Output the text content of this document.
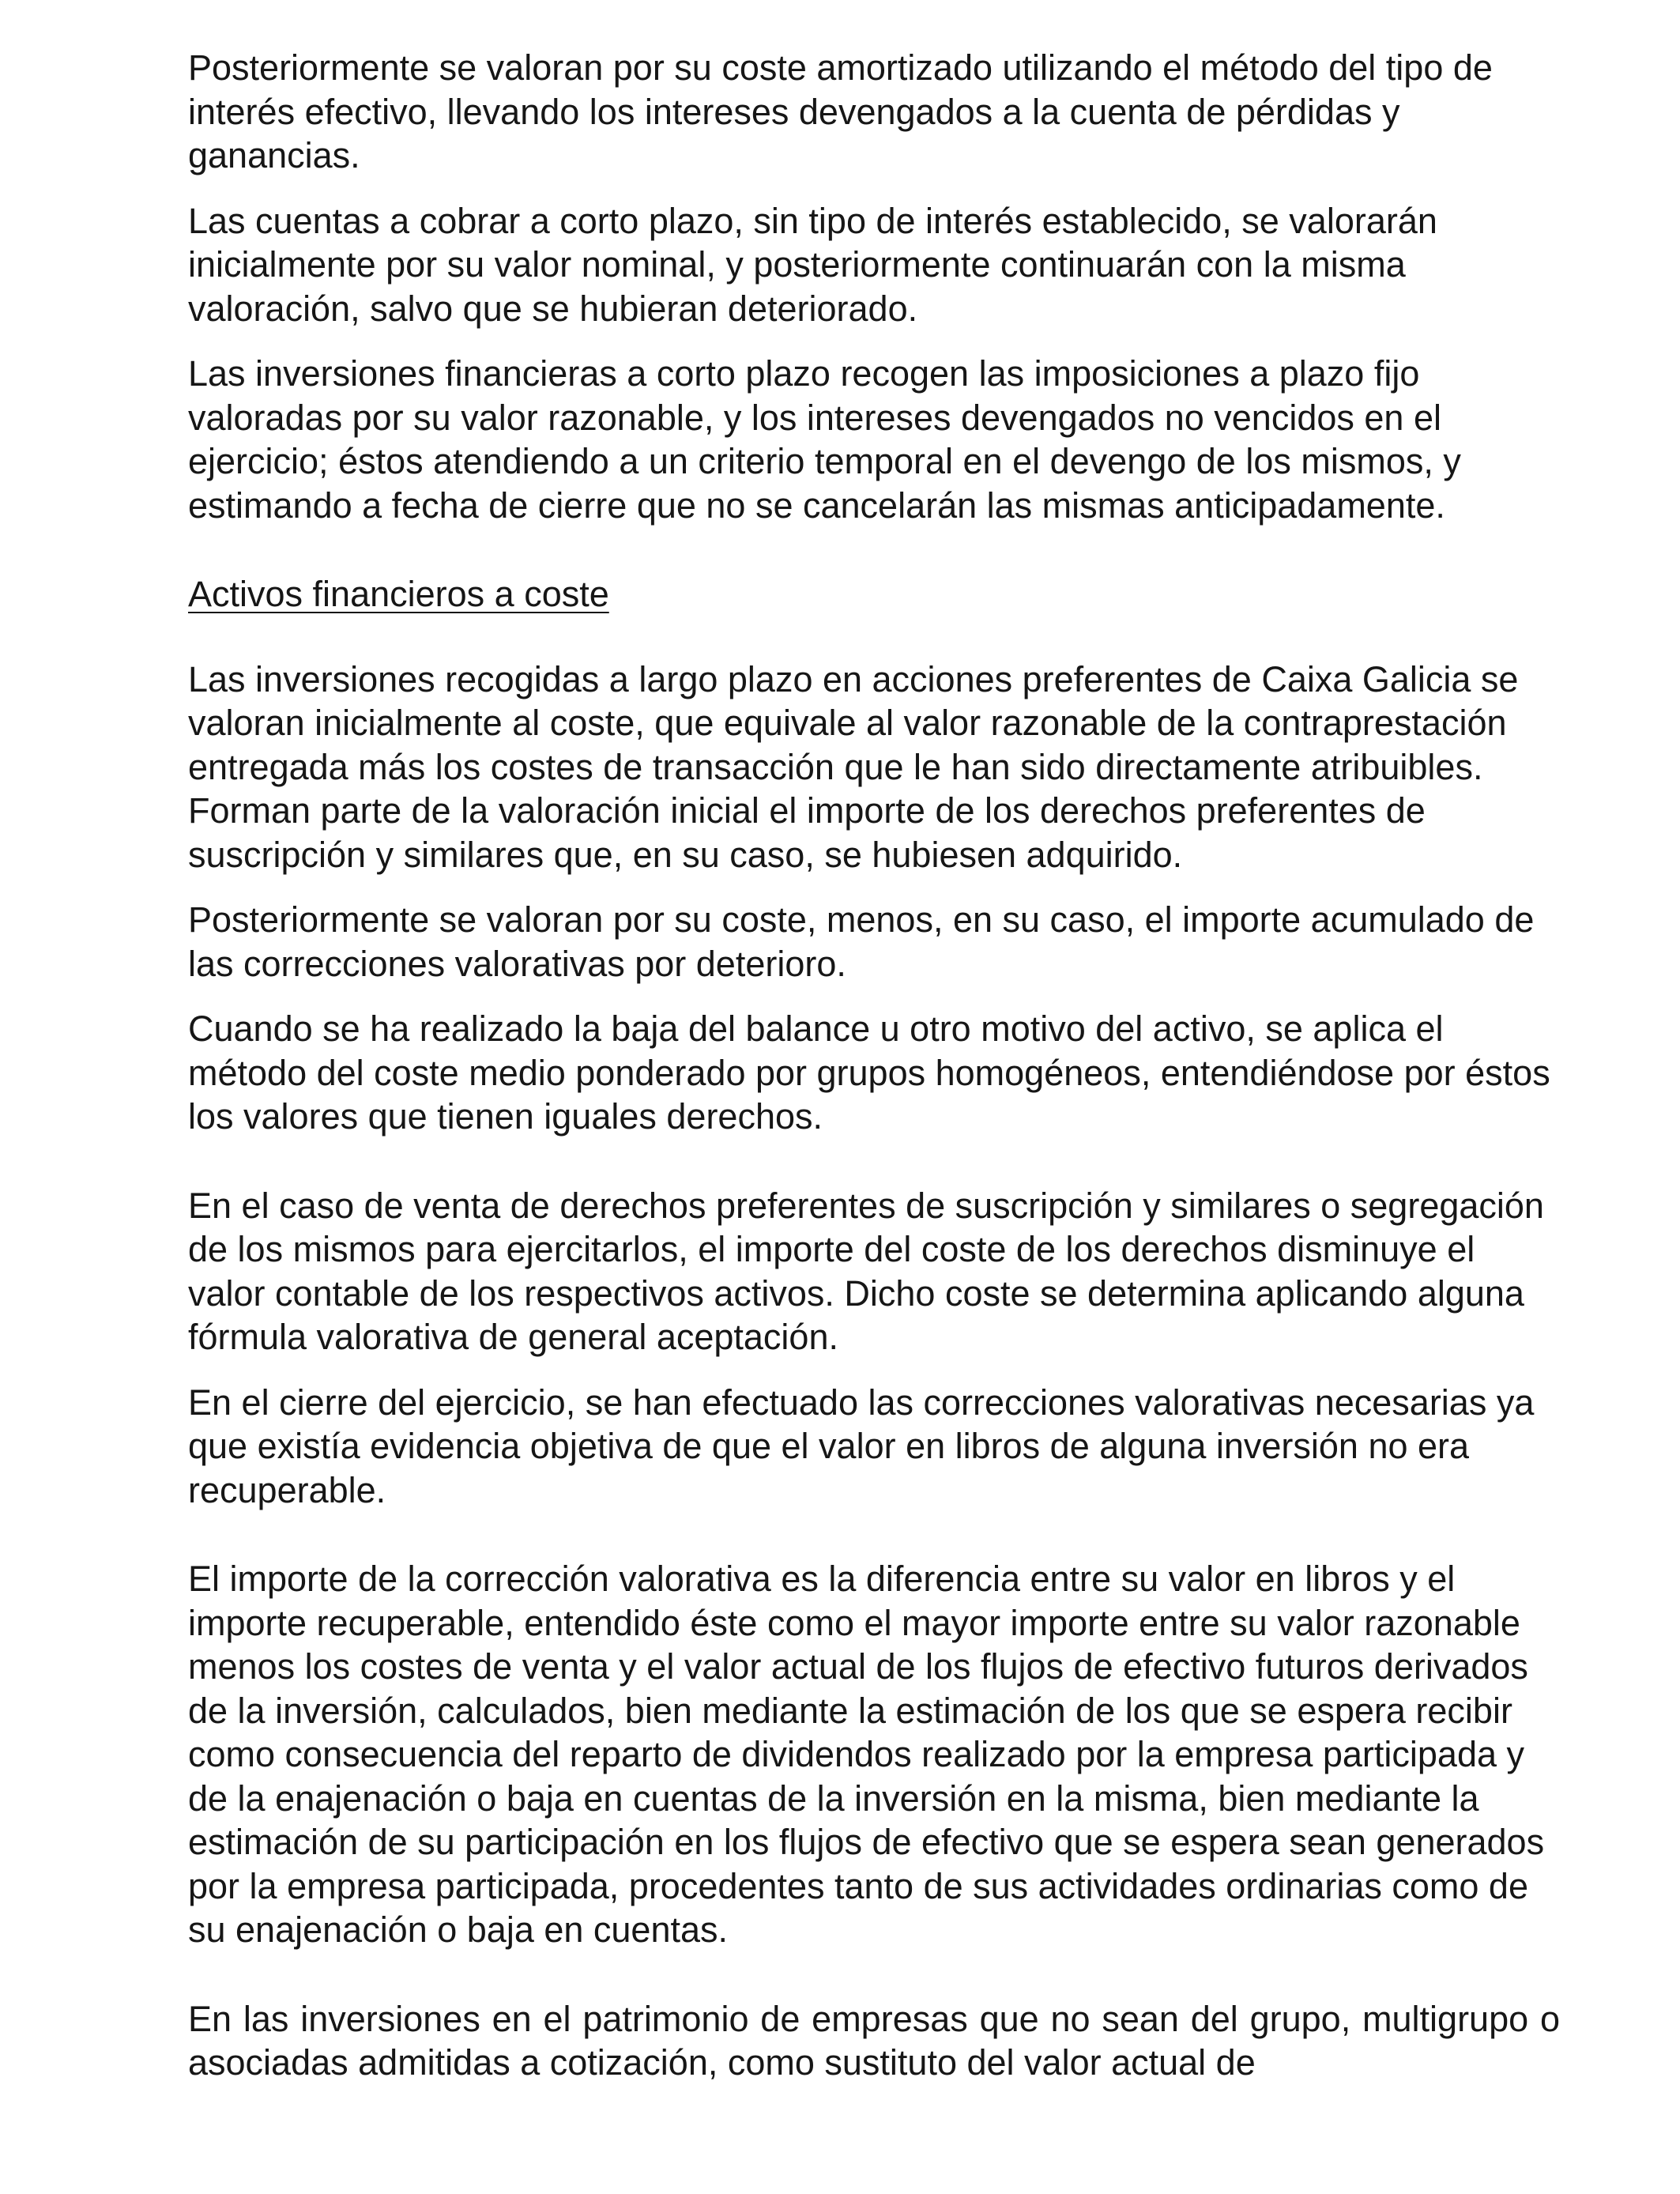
Posteriormente se valoran por su coste amortizado utilizando el método del tipo de interés efectivo, llevando los intereses devengados a la cuenta de pérdidas y ganancias.

Las cuentas a cobrar a corto plazo, sin tipo de interés establecido, se valorarán inicialmente por su valor nominal, y posteriormente continuarán con la misma valoración, salvo que se hubieran deteriorado.

Las inversiones financieras a corto plazo recogen las imposiciones a plazo fijo valoradas por su valor razonable, y los intereses devengados no vencidos en el ejercicio; éstos atendiendo a un criterio temporal en el devengo de los mismos, y estimando a fecha de cierre que no se cancelarán las mismas anticipadamente.

Activos financieros a coste

Las inversiones recogidas a largo plazo en acciones preferentes de Caixa Galicia se valoran inicialmente al coste, que equivale al valor razonable de la contraprestación entregada más los costes de transacción que le han sido directamente atribuibles. Forman parte de la valoración inicial el importe de los derechos preferentes de suscripción y similares que, en su caso, se hubiesen adquirido.

Posteriormente se valoran por su coste, menos, en su caso, el importe acumulado de las correcciones valorativas por deterioro.

Cuando se ha realizado la baja del balance u otro motivo del activo, se aplica el método del coste medio ponderado por grupos homogéneos, entendiéndose por éstos los valores que tienen iguales derechos.

En el caso de venta de derechos preferentes de suscripción y similares o segregación de los mismos para ejercitarlos, el importe del coste de los derechos disminuye el valor contable de los respectivos activos. Dicho coste se determina aplicando alguna fórmula valorativa de general aceptación.

En el cierre del ejercicio, se han efectuado las correcciones valorativas necesarias ya que existía evidencia objetiva de que el valor en libros de alguna inversión no era recuperable.

El importe de la corrección valorativa es la diferencia entre su valor en libros y el importe recuperable, entendido éste como el mayor importe entre su valor razonable menos los costes de venta y el valor actual de los flujos de efectivo futuros derivados de la inversión, calculados, bien mediante la estimación de los que se espera recibir como consecuencia del reparto de dividendos realizado por la empresa participada y de la enajenación o baja en cuentas de la inversión en la misma, bien mediante la estimación de su participación en los flujos de efectivo que se espera sean generados por la empresa participada, procedentes tanto de sus actividades ordinarias como de su enajenación o baja en cuentas.

En las inversiones en el patrimonio de empresas que no sean del grupo, multigrupo o asociadas admitidas a cotización, como sustituto del valor actual de
